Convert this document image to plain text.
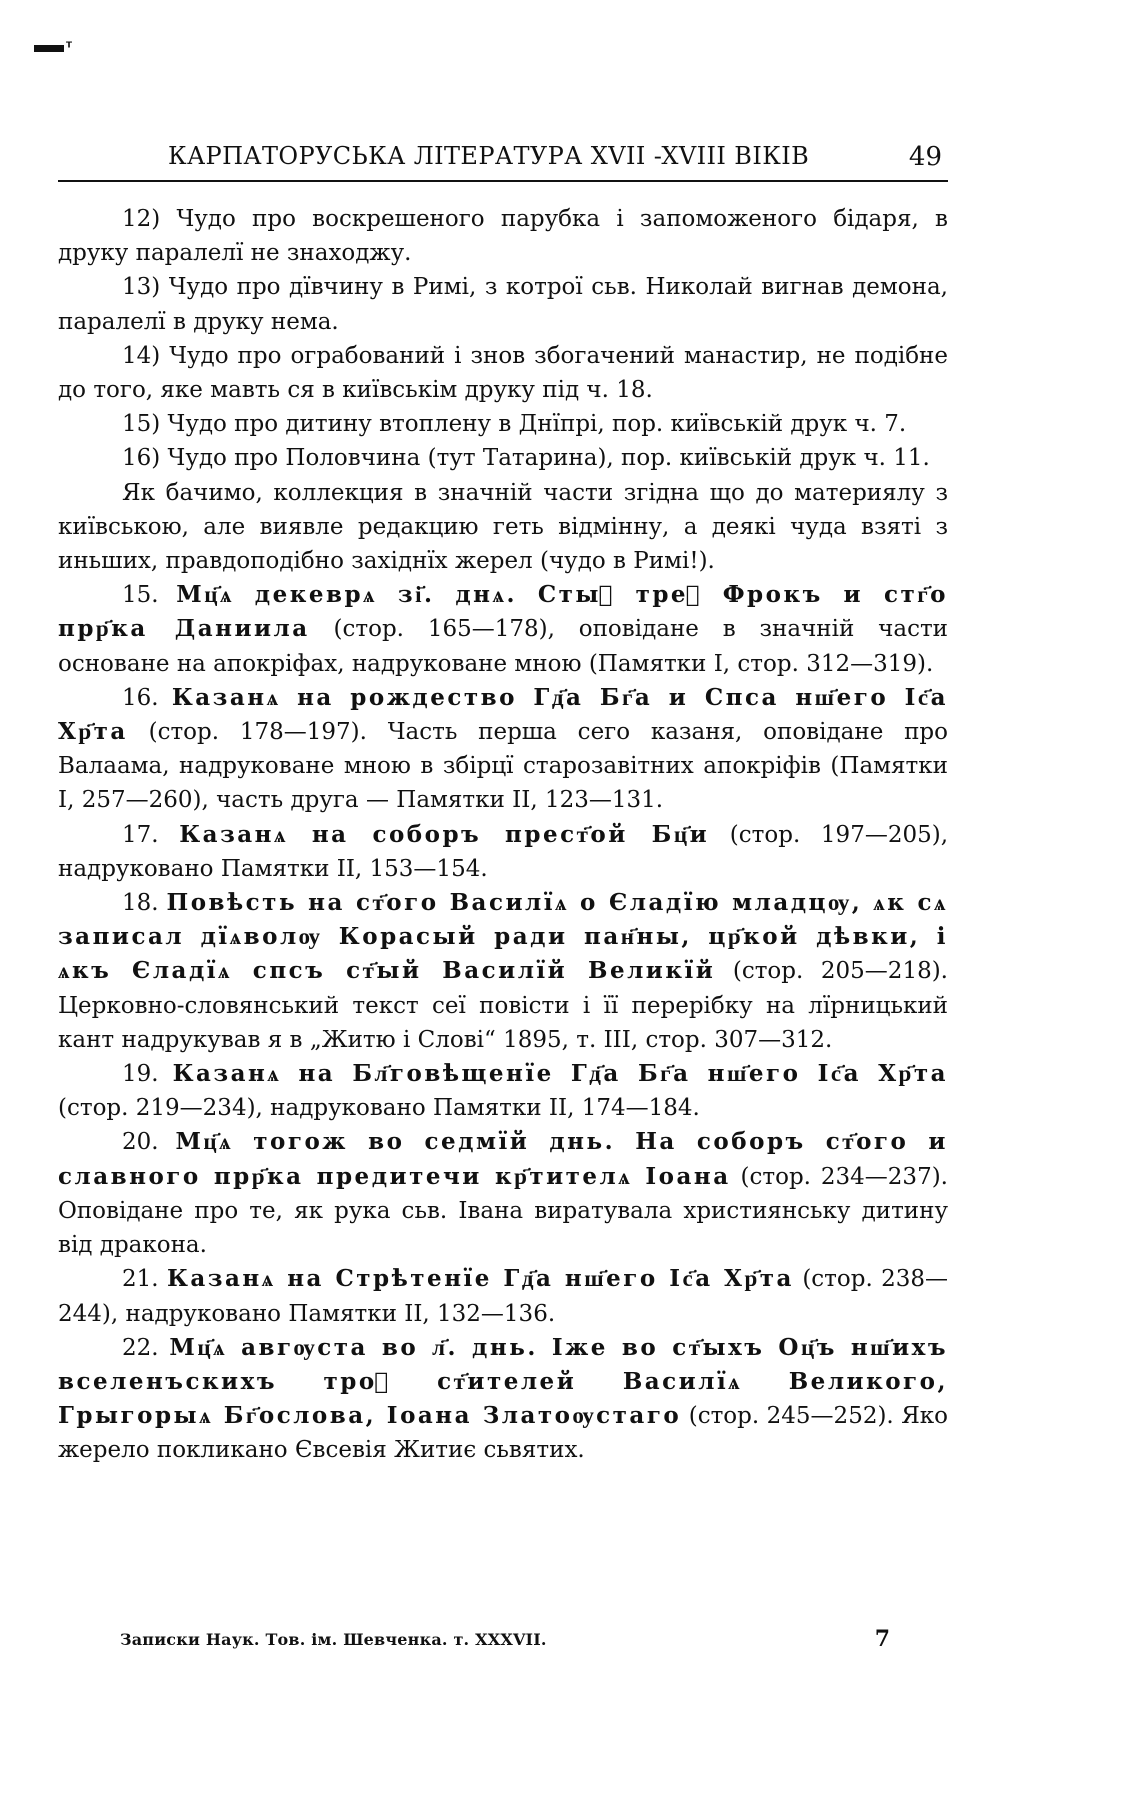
ᵀ
КАРПАТОРУСЬКА ЛІТЕРАТУРА XVII -XVIII ВІКІВ	49

12) Чудо про воскрешеного парубка і запоможеного бідаря, в друку паралелї не знаходжу.

13) Чудо про дївчину в Римі, з котрої сьв. Николай вигнав демона, паралелї в друку нема.

14) Чудо про ограбований і знов збогачений манастир, не подібне до того, яке мавть ся в київськім друку під ч. 18.

15) Чудо про дитину втоплену в Днїпрі, пор. київській друк ч. 7.

16) Чудо про Половчина (тут Татарина), пор. київській друк ч. 11.

Як бачимо, коллекция в значній части згідна що до материялу з київською, але виявле редакцию геть відмінну, а деякі чуда взяті з иньших, правдоподібно західнїх жерел (чудо в Римі!).

15. Мц҃ѧ декеврѧ зі҃. днѧ. Стыⷯ треⷯ Фрокъ и стг҃о прр҃ка Даниила (стор. 165—178), оповідане в значній части основане на апокріфах, надруковане мною (Памятки I, стор. 312—319).

16. Казанѧ на рождество Гд҃а Бг҃а и Спса нш҃его Іс҃а Хр҃та (стор. 178—197). Часть перша сего казаня, оповідане про Валаама, надруковане мною в збірцї старозавітних апокріфів (Памятки I, 257—260), часть друга — Памятки II, 123—131.

17. Казанѧ на соборъ прест҃ой Бц҃и (стор. 197—205), надруковано Памятки II, 153—154.

18. Повѣсть на ст҃ого Василїѧ о Єладїю младцѹ, ѧк сѧ записал дїѧволѹ Корасый ради пан҃ны, цр҃кой дѣвки, і ѧкъ Єладїѧ спсъ ст҃ый Василїй Великїй (стор. 205—218). Церковно-словянський текст сеї повісти і її перерібку на лїрницький кант надрукував я в „Житю і Слові“ 1895, т. III, стор. 307—312.

19. Казанѧ на Бл҃говѣщенїе Гд҃а Бг҃а нш҃его Іс҃а Хр҃та (стор. 219—234), надруковано Памятки II, 174—184.

20. Мц҃ѧ тогож во седмїй днь. На соборъ ст҃ого и славного прр҃ка предитечи кр҃тителѧ Іоана (стор. 234—237). Оповідане про те, як рука сьв. Івана виратувала християнську дитину від дракона.

21. Казанѧ на Стрѣтенїе Гд҃а нш҃его Іс҃а Хр҃та (стор. 238—244), надруковано Памятки II, 132—136.

22. Мц҃ѧ авгѹста во л҃. днь. Іже во ст҃ыхъ Оц҃ъ нш҃ихъ вселенъскихъ троⷯ ст҃ителей Василїѧ Великого, Грыгорыѧ Бг҃ослова, Іоана Златоѹстаго (стор. 245—252). Яко жерело покликано Євсевія Житиє сьвятих.

Записки Наук. Тов. ім. Шевченка. т. XXXVII.	7
